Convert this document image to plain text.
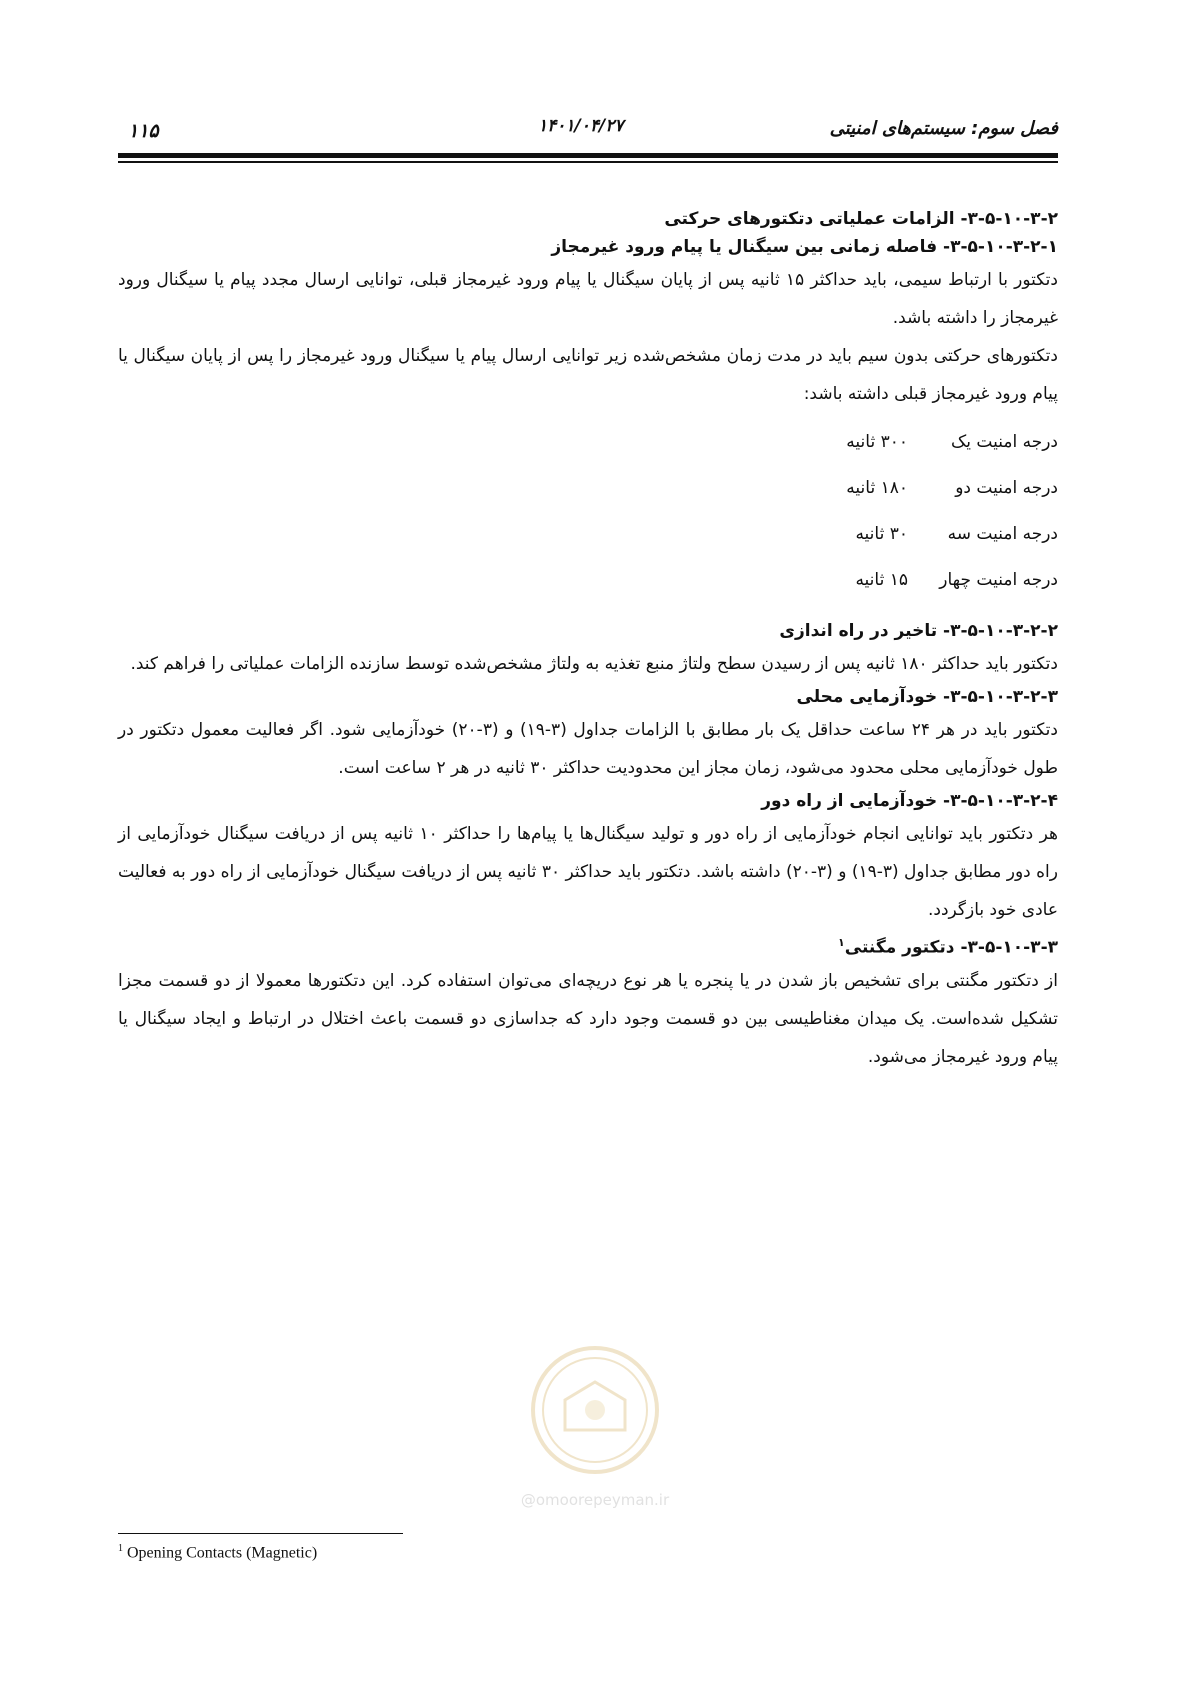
۱۱۵	۱۴۰۱/۰۴/۲۷	فصل سوم: سیستم‌های امنیتی
۳-۵-۱۰-۳-۲- الزامات عملیاتی دتکتورهای حرکتی
۳-۵-۱۰-۳-۲-۱- فاصله زمانی بین سیگنال یا پیام ورود غیرمجاز

دتکتور با ارتباط سیمی، باید حداکثر ۱۵ ثانیه پس از پایان سیگنال یا پیام ورود غیرمجاز قبلی، توانایی ارسال مجدد پیام یا سیگنال ورود غیرمجاز را داشته باشد.

دتکتورهای حرکتی بدون سیم باید در مدت زمان مشخص‌شده زیر توانایی ارسال پیام یا سیگنال ورود غیرمجاز را پس از پایان سیگنال یا پیام ورود غیرمجاز قبلی داشته باشد:

درجه امنیت یک
۳۰۰ ثانیه
درجه امنیت دو
۱۸۰ ثانیه
درجه امنیت سه
۳۰ ثانیه
درجه امنیت چهار
۱۵ ثانیه
۳-۵-۱۰-۳-۲-۲- تاخیر در راه اندازی

دتکتور باید حداکثر ۱۸۰ ثانیه پس از رسیدن سطح ولتاژ منبع تغذیه به ولتاژ مشخص‌شده توسط سازنده الزامات عملیاتی را فراهم کند.

۳-۵-۱۰-۳-۲-۳- خودآزمایی محلی

دتکتور باید در هر ۲۴ ساعت حداقل یک بار مطابق با الزامات جداول (۳-۱۹) و (۳-۲۰) خودآزمایی شود. اگر فعالیت معمول دتکتور در طول خودآزمایی محلی محدود می‌شود، زمان مجاز این محدودیت حداکثر ۳۰ ثانیه در هر ۲ ساعت است.

۳-۵-۱۰-۳-۲-۴- خودآزمایی از راه دور

هر دتکتور باید توانایی انجام خودآزمایی از راه دور و تولید سیگنال‌ها یا پیام‌ها را حداکثر ۱۰ ثانیه پس از دریافت سیگنال خودآزمایی از راه دور مطابق جداول (۳-۱۹) و (۳-۲۰) داشته باشد. دتکتور باید حداکثر ۳۰ ثانیه پس از دریافت سیگنال خودآزمایی از راه دور به فعالیت عادی خود بازگردد.

۳-۵-۱۰-۳-۳- دتکتور مگنتی$^۱$

از دتکتور مگنتی برای تشخیص باز شدن در یا پنجره یا هر نوع دریچه‌ای می‌توان استفاده کرد. این دتکتورها معمولا از دو قسمت مجزا تشکیل شده‌است. یک میدان مغناطیسی بین دو قسمت وجود دارد که جداسازی دو قسمت باعث اختلال در ارتباط و ایجاد سیگنال یا پیام ورود غیرمجاز می‌شود.

@omoorepeyman.ir
$^1$ Opening Contacts (Magnetic)
